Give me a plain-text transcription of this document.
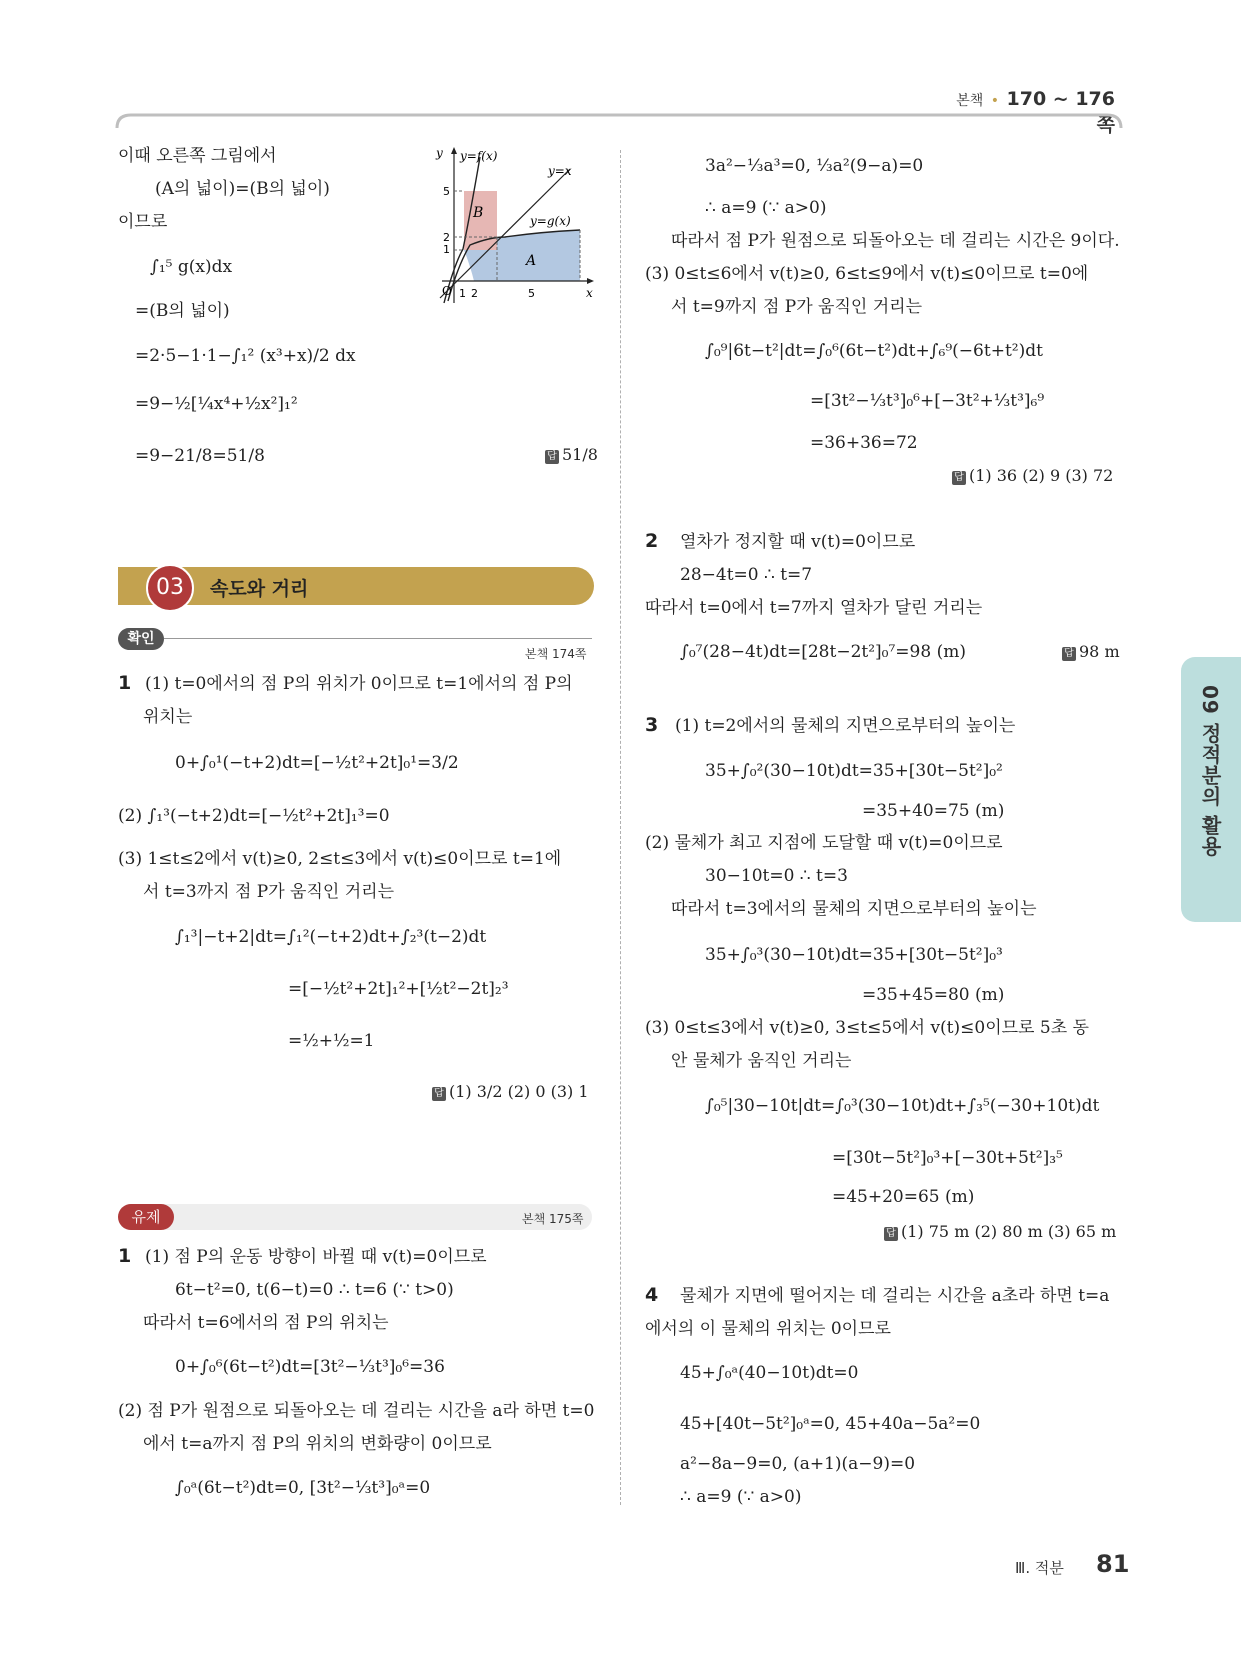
본책 • 170 ~ 176쪽
이때 오른쪽 그림에서
(A의 넓이)=(B의 넓이)
이므로
∫₁⁵ g(x)dx
=(B의 넓이)
=2·5−1·1−∫₁² (x³+x)/2 dx
=9−½[¼x⁴+½x²]₁²
=9−21/8=51/8	답 51/8
y
x
O
y=f(x)
y=x
y=g(x)
B
A
1 2	5
1
2
5
03	속도와 거리
확인
본책 174쪽
1 (1) t=0에서의 점 P의 위치가 0이므로 t=1에서의 점 P의
위치는
0+∫₀¹(−t+2)dt=[−½t²+2t]₀¹=3/2
(2) ∫₁³(−t+2)dt=[−½t²+2t]₁³=0
(3) 1≤t≤2에서 v(t)≥0, 2≤t≤3에서 v(t)≤0이므로 t=1에
서 t=3까지 점 P가 움직인 거리는
∫₁³|−t+2|dt=∫₁²(−t+2)dt+∫₂³(t−2)dt
=[−½t²+2t]₁²+[½t²−2t]₂³
=½+½=1
답 (1) 3/2 (2) 0 (3) 1
유제	본책 175쪽
1 (1) 점 P의 운동 방향이 바뀔 때 v(t)=0이므로
6t−t²=0, t(6−t)=0 ∴ t=6 (∵ t>0)
따라서 t=6에서의 점 P의 위치는
0+∫₀⁶(6t−t²)dt=[3t²−⅓t³]₀⁶=36
(2) 점 P가 원점으로 되돌아오는 데 걸리는 시간을 a라 하면 t=0
에서 t=a까지 점 P의 위치의 변화량이 0이므로
∫₀ᵃ(6t−t²)dt=0, [3t²−⅓t³]₀ᵃ=0
3a²−⅓a³=0, ⅓a²(9−a)=0
∴ a=9 (∵ a>0)
따라서 점 P가 원점으로 되돌아오는 데 걸리는 시간은 9이다.
(3) 0≤t≤6에서 v(t)≥0, 6≤t≤9에서 v(t)≤0이므로 t=0에
서 t=9까지 점 P가 움직인 거리는
∫₀⁹|6t−t²|dt=∫₀⁶(6t−t²)dt+∫₆⁹(−6t+t²)dt
=[3t²−⅓t³]₀⁶+[−3t²+⅓t³]₆⁹
=36+36=72
답 (1) 36 (2) 9 (3) 72
2 열차가 정지할 때 v(t)=0이므로
28−4t=0 ∴ t=7
따라서 t=0에서 t=7까지 열차가 달린 거리는
∫₀⁷(28−4t)dt=[28t−2t²]₀⁷=98 (m)	답 98 m
3 (1) t=2에서의 물체의 지면으로부터의 높이는
35+∫₀²(30−10t)dt=35+[30t−5t²]₀²
=35+40=75 (m)
(2) 물체가 최고 지점에 도달할 때 v(t)=0이므로
30−10t=0 ∴ t=3
따라서 t=3에서의 물체의 지면으로부터의 높이는
35+∫₀³(30−10t)dt=35+[30t−5t²]₀³
=35+45=80 (m)
(3) 0≤t≤3에서 v(t)≥0, 3≤t≤5에서 v(t)≤0이므로 5초 동
안 물체가 움직인 거리는
∫₀⁵|30−10t|dt=∫₀³(30−10t)dt+∫₃⁵(−30+10t)dt
=[30t−5t²]₀³+[−30t+5t²]₃⁵
=45+20=65 (m)
답 (1) 75 m (2) 80 m (3) 65 m
4 물체가 지면에 떨어지는 데 걸리는 시간을 a초라 하면 t=a
에서의 이 물체의 위치는 0이므로
45+∫₀ᵃ(40−10t)dt=0
45+[40t−5t²]₀ᵃ=0, 45+40a−5a²=0
a²−8a−9=0, (a+1)(a−9)=0
∴ a=9 (∵ a>0)
09 정적분의 활용
Ⅲ. 적분 81
